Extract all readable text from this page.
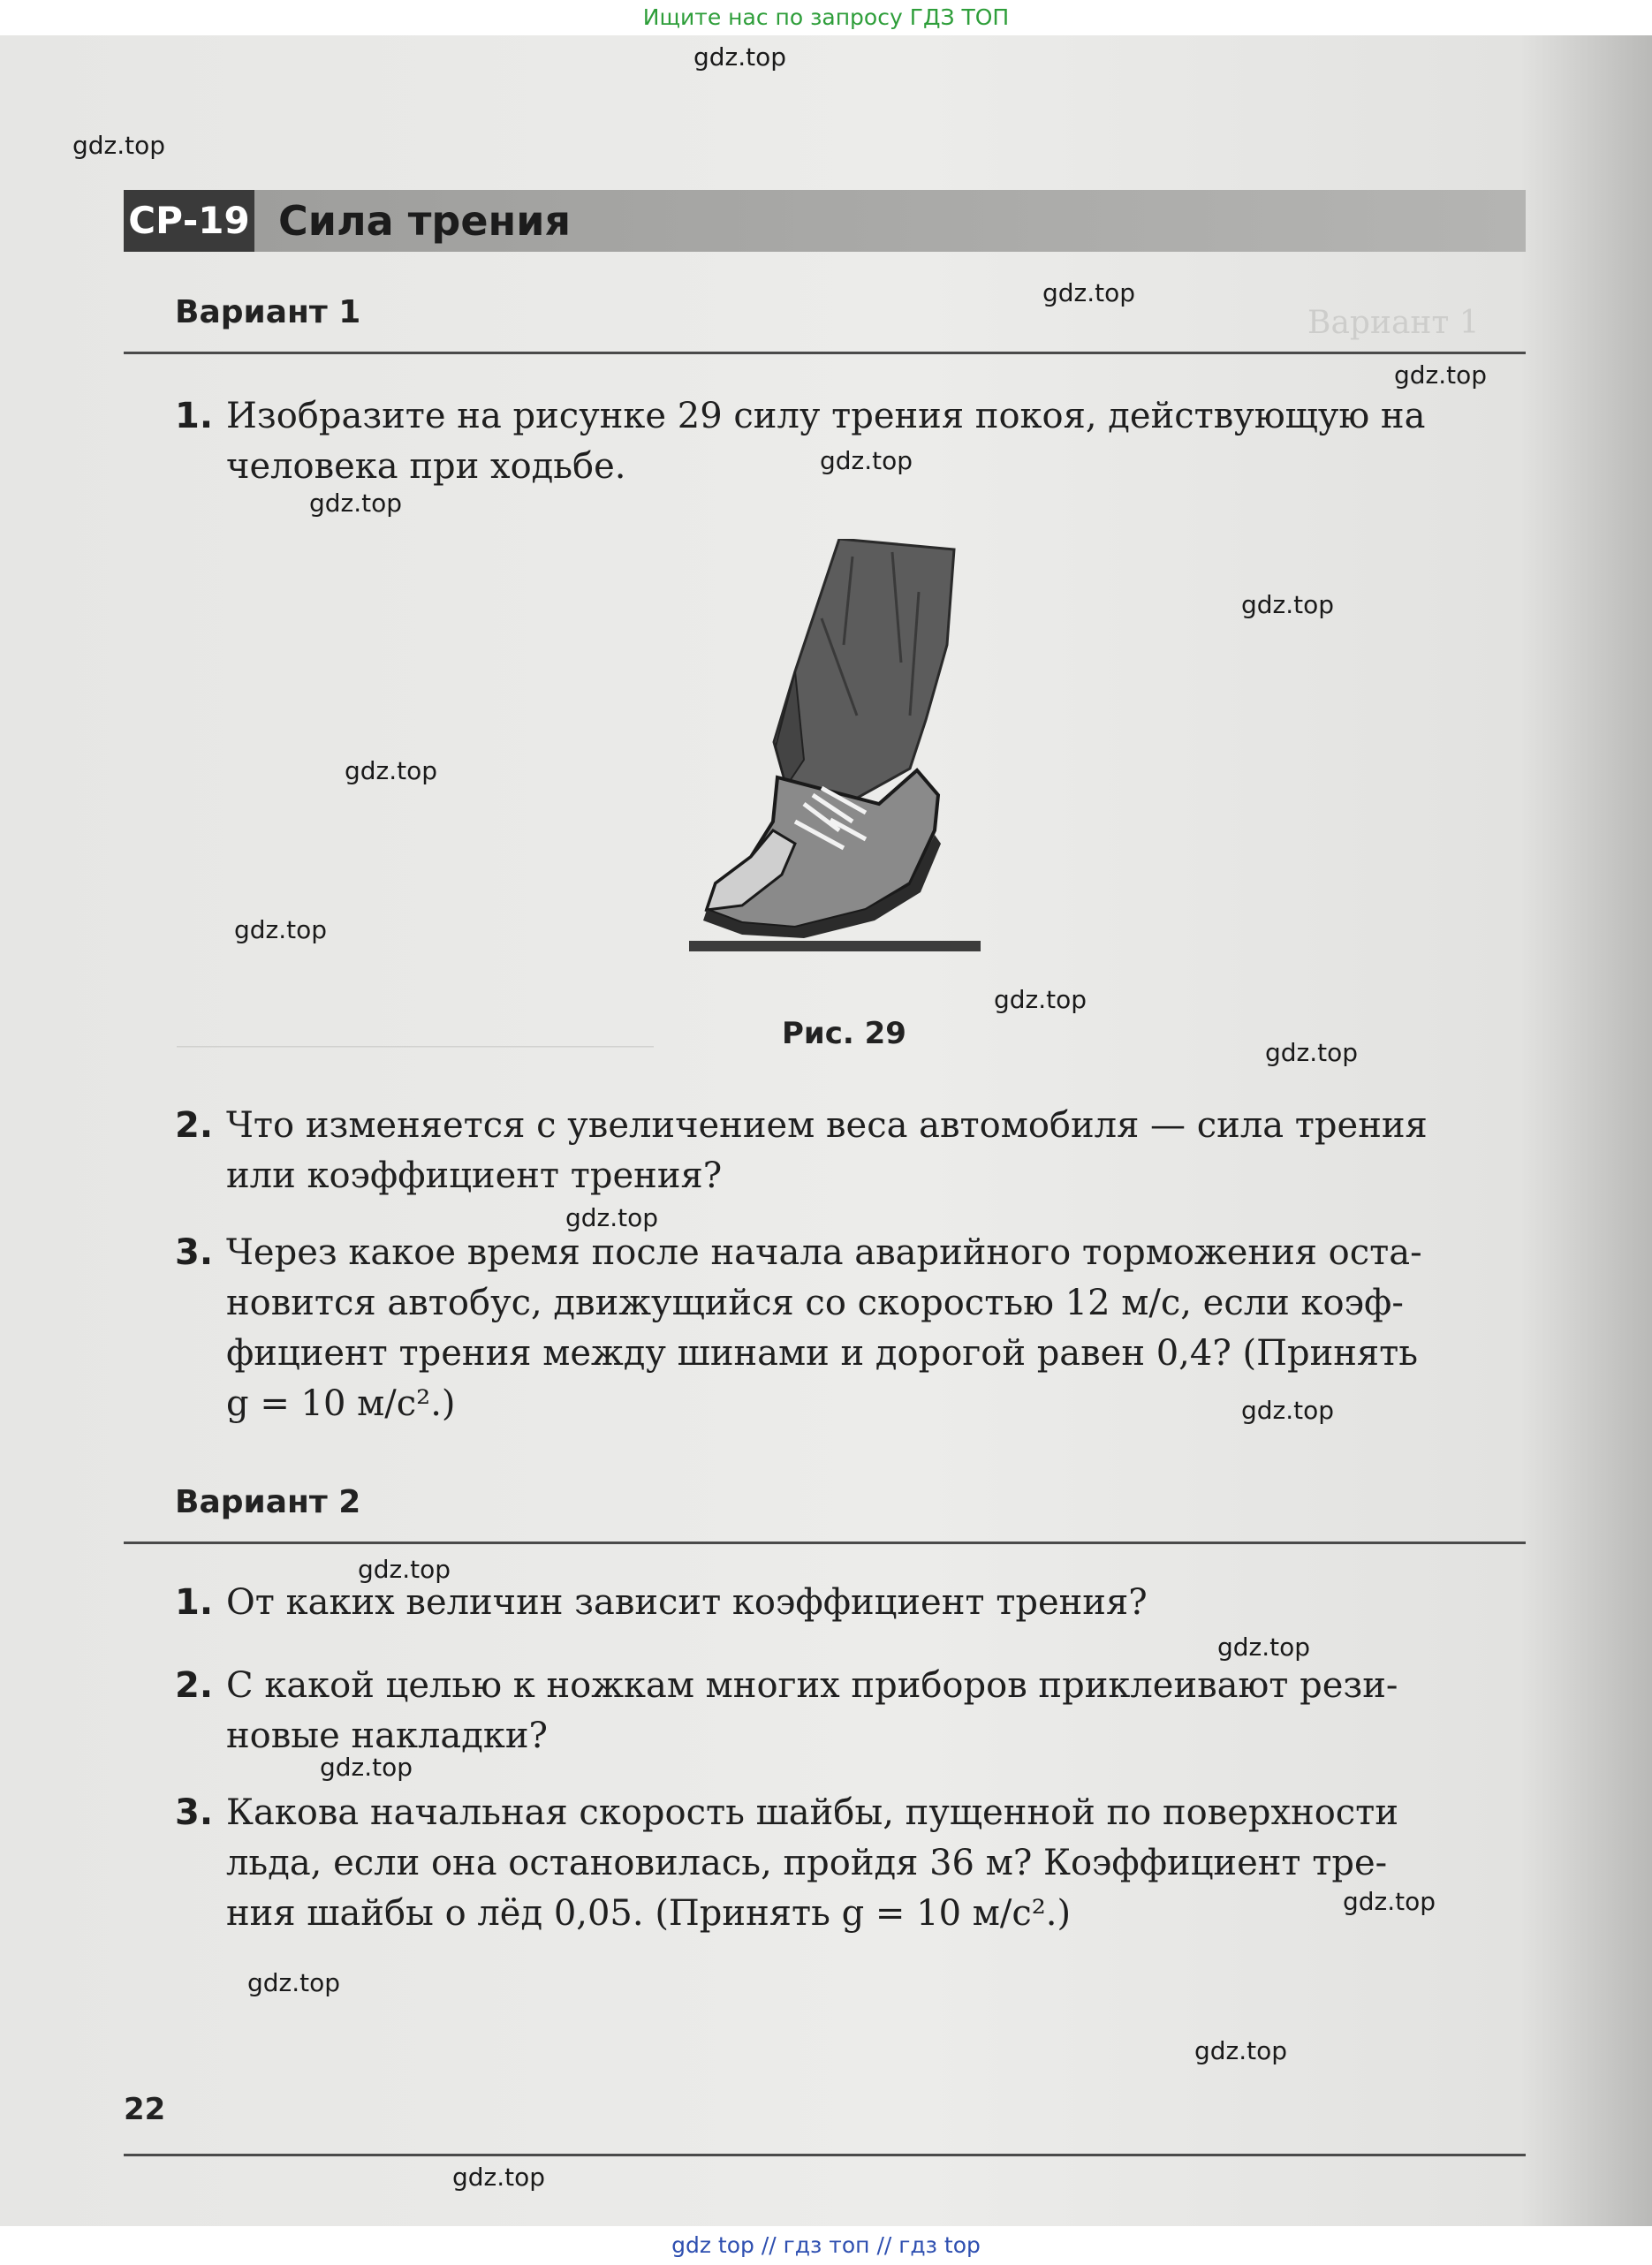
Вариант 1
______________________________
СР-19 Сила трения
Вариант 1
1. Изобразите на рисунке 29 силу трения покоя, действующую на
человека при ходьбе.
Рис. 29
2. Что изменяется с увеличением веса автомобиля — сила трения
или коэффициент трения?
3. Через какое время после начала аварийного торможения оста-
новится автобус, движущийся со скоростью 12 м/с, если коэф-
фициент трения между шинами и дорогой равен 0,4? (Принять
g = 10 м/с².)
Вариант 2
1. От каких величин зависит коэффициент трения?
2. С какой целью к ножкам многих приборов приклеивают рези-
новые накладки?
3. Какова начальная скорость шайбы, пущенной по поверхности
льда, если она остановилась, пройдя 36 м? Коэффициент тре-
ния шайбы о лёд 0,05. (Принять g = 10 м/с².)
22
gdz.top
gdz.top
gdz.top
gdz.top
gdz.top
gdz.top
gdz.top
gdz.top
gdz.top
gdz.top
gdz.top
gdz.top
gdz.top
gdz.top
gdz.top
gdz.top
gdz.top
gdz.top
gdz.top
gdz.top
Ищите нас по запросу ГДЗ ТОП
gdz top // гдз топ // гдз top
